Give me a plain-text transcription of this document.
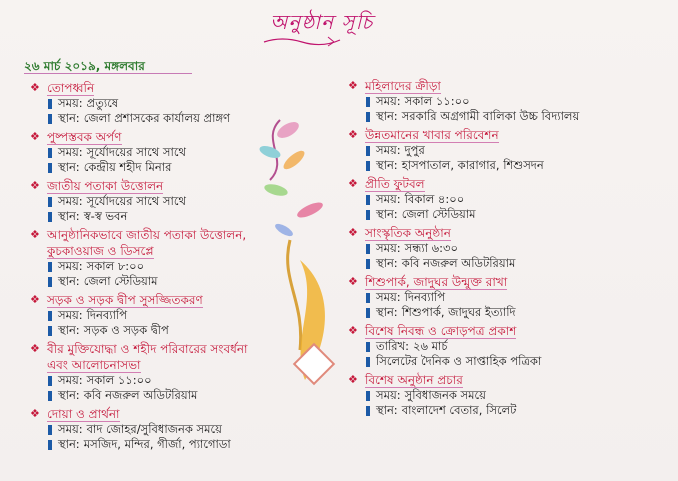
অনুষ্ঠান সূচি
২৬ মার্চ ২০১৯, মঙ্গলবার
❖ তোপধ্বনি
সময়: প্রত্যুষে
স্থান: জেলা প্রশাসকের কার্যালয় প্রাঙ্গণ
❖ পুষ্পস্তবক অর্পণ
সময়: সূর্যোদয়ের সাথে সাথে
স্থান: কেন্দ্রীয় শহীদ মিনার
❖ জাতীয় পতাকা উত্তোলন
সময়: সূর্যোদয়ের সাথে সাথে
স্থান: স্ব-স্ব ভবন
❖ আনুষ্ঠানিকভাবে জাতীয় পতাকা উত্তোলন,
কুচকাওয়াজ ও ডিসপ্লে
সময়: সকাল ৮:০০
স্থান: জেলা স্টেডিয়াম
❖ সড়ক ও সড়ক দ্বীপ সুসজ্জিতকরণ
সময়: দিনব্যাপি
স্থান: সড়ক ও সড়ক দ্বীপ
❖ বীর মুক্তিযোদ্ধা ও শহীদ পরিবারের সংবর্ধনা
এবং আলোচনাসভা
সময়: সকাল ১১:০০
স্থান: কবি নজরুল অডিটরিয়াম
❖ দোয়া ও প্রার্থনা
সময়: বাদ জোহর/সুবিধাজনক সময়ে
স্থান: মসজিদ, মন্দির, গীর্জা, প্যাগোডা
❖ মহিলাদের ক্রীড়া
সময়: সকাল ১১:০০
স্থান: সরকারি অগ্রগামী বালিকা উচ্চ বিদ্যালয়
❖ উন্নতমানের খাবার পরিবেশন
সময়: দুপুর
স্থান: হাসপাতাল, কারাগার, শিশুসদন
❖ প্রীতি ফুটবল
সময়: বিকাল ৪:০০
স্থান: জেলা স্টেডিয়াম
❖ সাংস্কৃতিক অনুষ্ঠান
সময়: সন্ধ্যা ৬:৩০
স্থান: কবি নজরুল অডিটরিয়াম
❖ শিশুপার্ক, জাদুঘর উন্মুক্ত রাখা
সময়: দিনব্যাপি
স্থান: শিশুপার্ক, জাদুঘর ইত্যাদি
❖ বিশেষ নিবন্ধ ও ক্রোড়পত্র প্রকাশ
তারিখ: ২৬ মার্চ
সিলেটের দৈনিক ও সাপ্তাহিক পত্রিকা
❖ বিশেষ অনুষ্ঠান প্রচার
সময়: সুবিধাজনক সময়ে
স্থান: বাংলাদেশ বেতার, সিলেট
